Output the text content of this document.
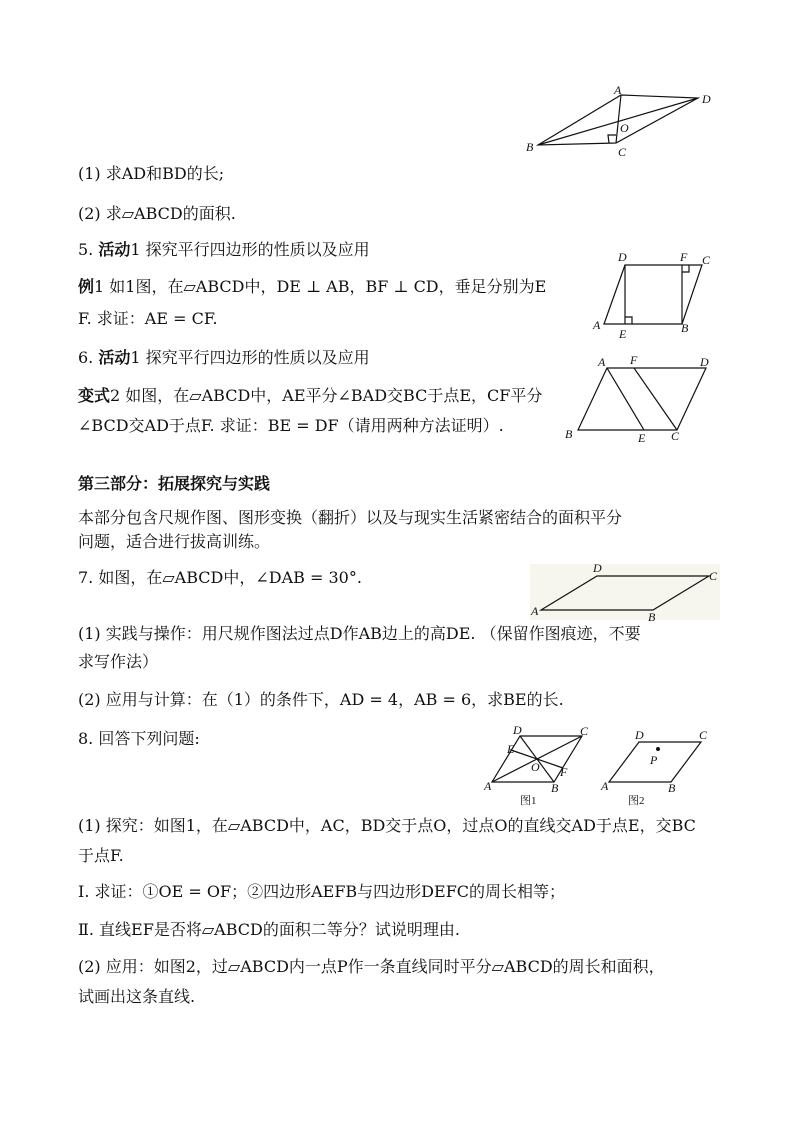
A
D
O
B	C
(1) 求AD和BD的长;
(2) 求▱ABCD的面积.
5. 活动1 探究平行四边形的性质以及应用
例1 如1图，在▱ABCD中，DE ⊥ AB，BF ⊥ CD，垂足分别为E
F. 求证：AE = CF.
D	F C
A
E	B
6. 活动1 探究平行四边形的性质以及应用
变式2 如图，在▱ABCD中，AE平分∠BAD交BC于点E，CF平分
∠BCD交AD于点F. 求证：BE = DF（请用两种方法证明）.
A F	D
B	E C
第三部分：拓展探究与实践
本部分包含尺规作图、图形变换（翻折）以及与现实生活紧密结合的面积平分
问题，适合进行拔高训练。
7. 如图，在▱ABCD中，∠DAB = 30°.	D
C
A	B
(1) 实践与操作：用尺规作图法过点D作AB边上的高DE. （保留作图痕迹，不要
求写作法）
(2) 应用与计算：在（1）的条件下，AD = 4，AB = 6，求BE的长.
8. 回答下列问题:	D	C
E
O F
A	B
图1
D	C
P
A	B
图2
(1) 探究：如图1，在▱ABCD中，AC，BD交于点O，过点O的直线交AD于点E，交BC
于点F.
Ⅰ. 求证：①OE = OF；②四边形AEFB与四边形DEFC的周长相等；
Ⅱ. 直线EF是否将▱ABCD的面积二等分？试说明理由.
(2) 应用：如图2，过▱ABCD内一点P作一条直线同时平分▱ABCD的周长和面积，
试画出这条直线.
